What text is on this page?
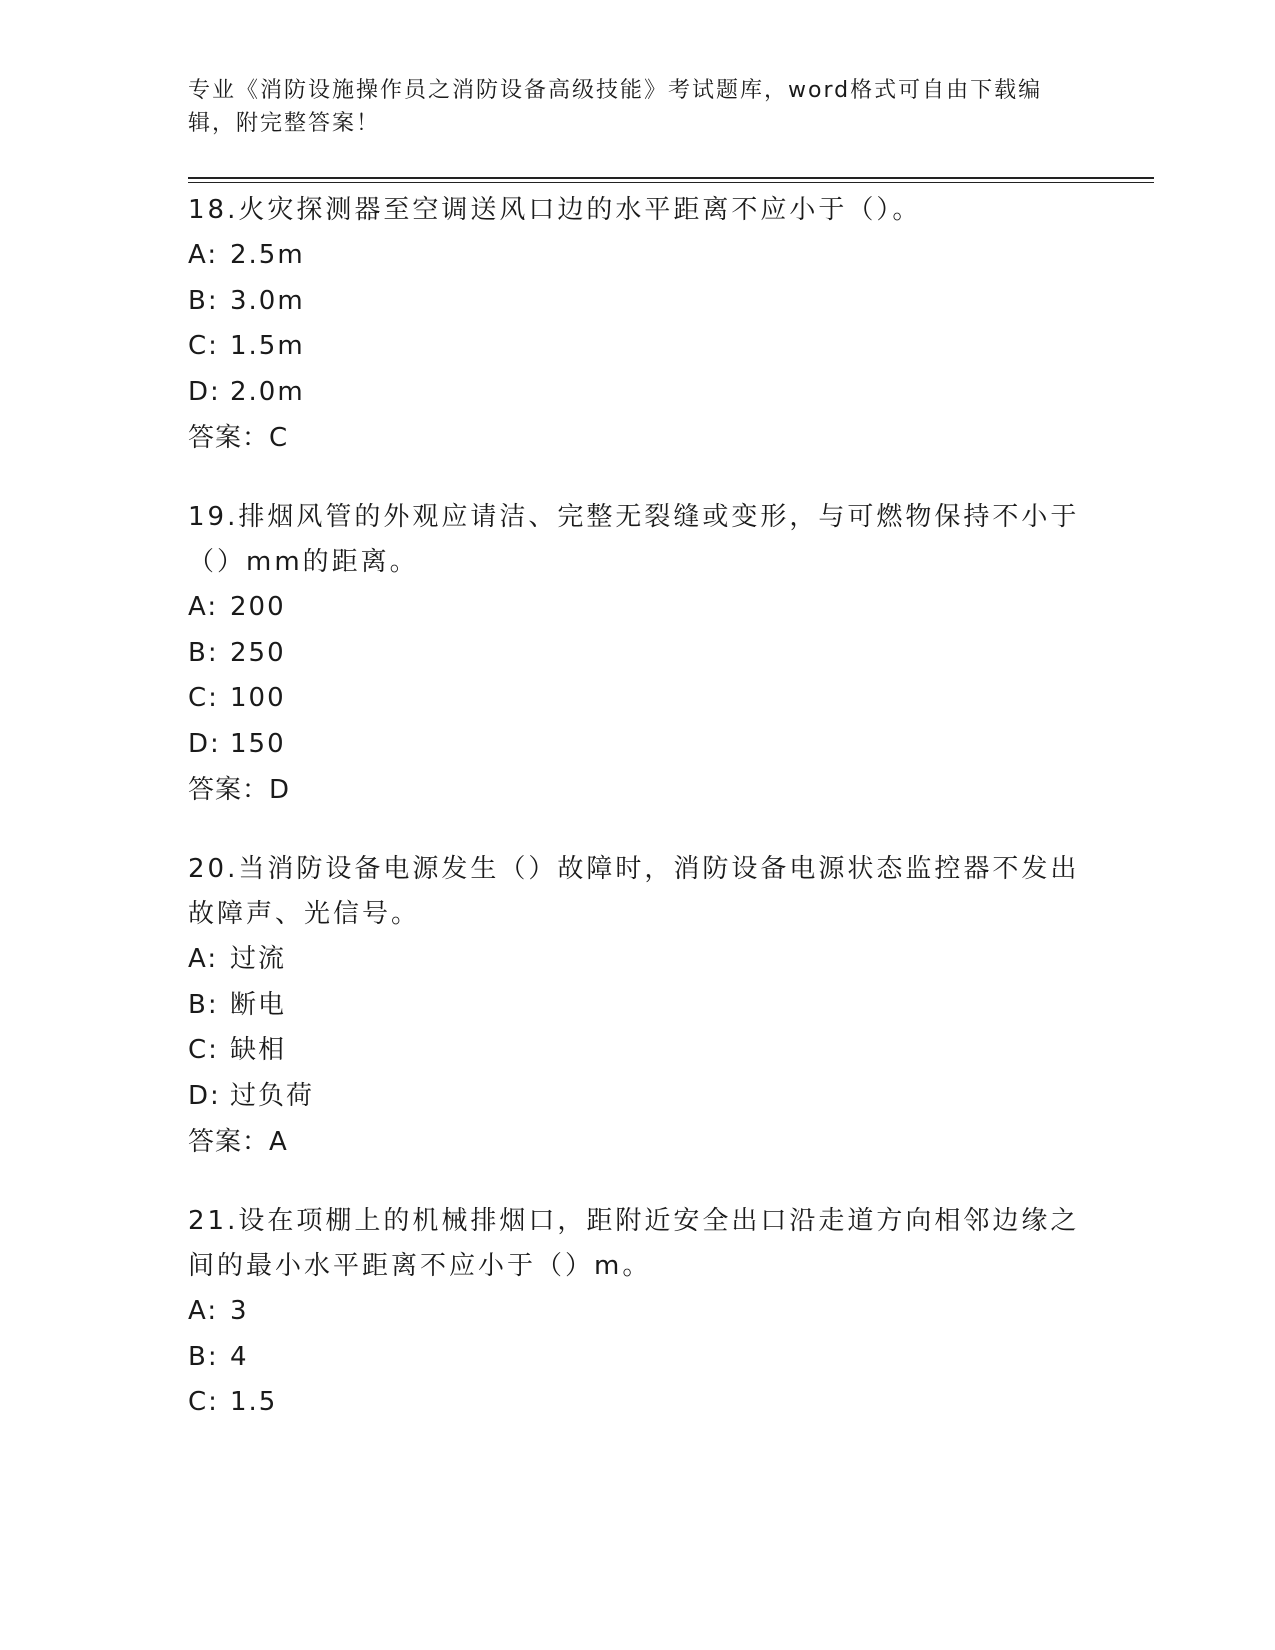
专业《消防设施操作员之消防设备高级技能》考试题库，word格式可自由下载编辑，附完整答案！

18.火灾探测器至空调送风口边的水平距离不应小于（）。

A: 2.5m

B: 3.0m

C: 1.5m

D: 2.0m

答案：C

19.排烟风管的外观应请洁、完整无裂缝或变形，与可燃物保持不小于（）mm的距离。

A: 200

B: 250

C: 100

D: 150

答案：D

20.当消防设备电源发生（）故障时，消防设备电源状态监控器不发出故障声、光信号。

A: 过流

B: 断电

C: 缺相

D: 过负荷

答案：A

21.设在项棚上的机械排烟口，距附近安全出口沿走道方向相邻边缘之间的最小水平距离不应小于（）m。

A: 3

B: 4

C: 1.5
